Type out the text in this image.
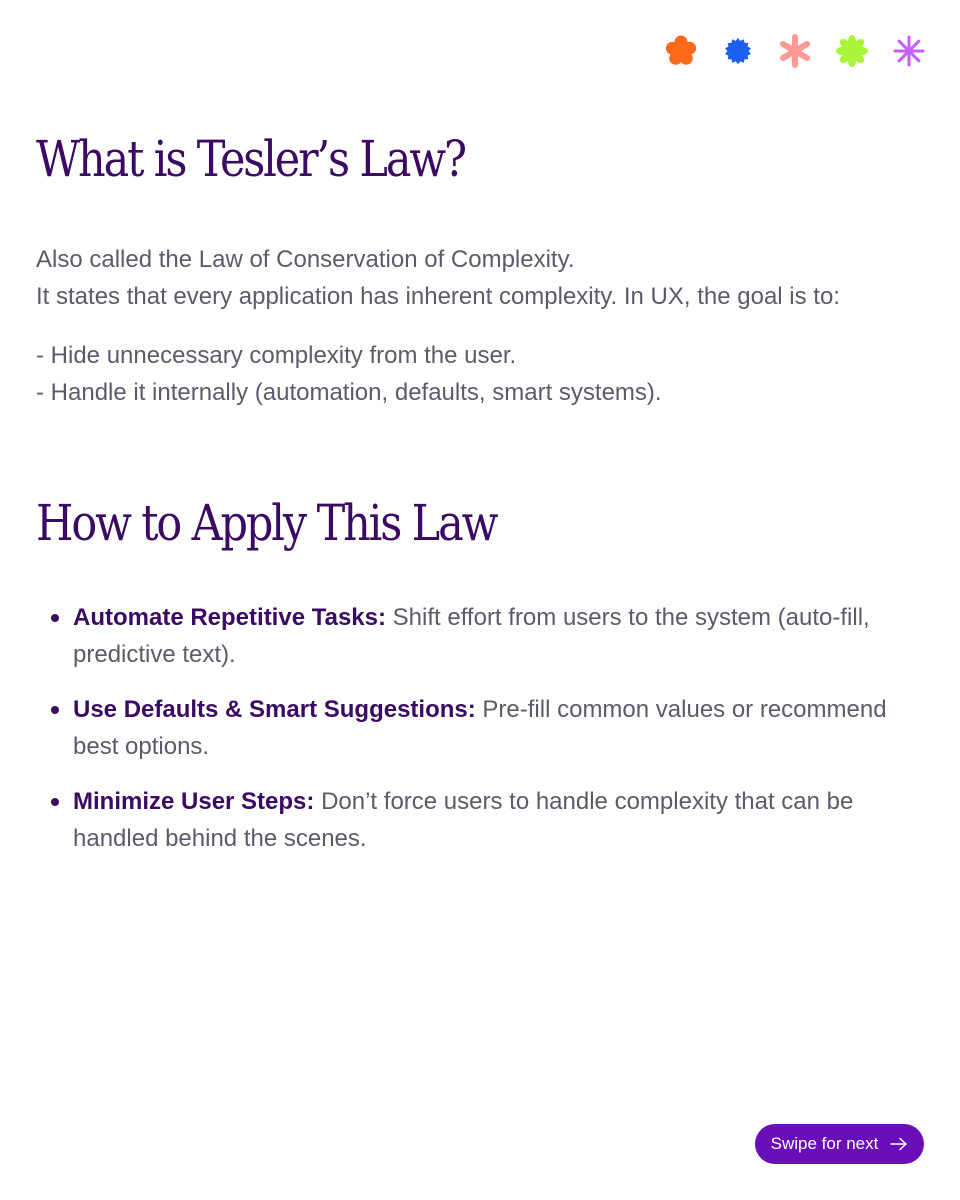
What is Tesler’s Law?

Also called the Law of Conservation of Complexity.

It states that every application has inherent complexity. In UX, the goal is to:

- Hide unnecessary complexity from the user.

- Handle it internally (automation, defaults, smart systems).

How to Apply This Law
Automate Repetitive Tasks: Shift effort from users to the system (auto-fill, predictive text).
Use Defaults & Smart Suggestions: Pre-fill common values or recommend best options.
Minimize User Steps: Don’t force users to handle complexity that can be handled behind the scenes.
Swipe for next
